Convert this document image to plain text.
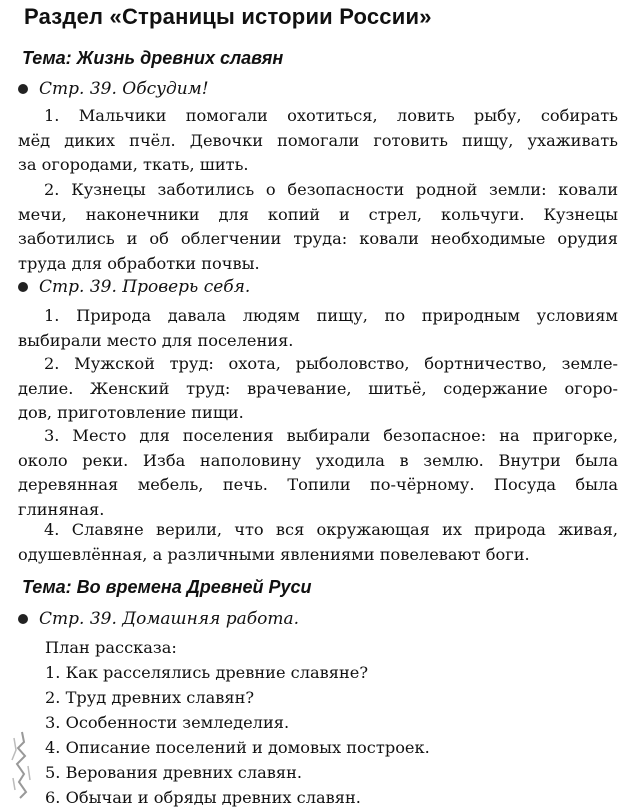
Раздел «Страницы истории России»
Тема: Жизнь древних славян
Стр. 39. Обсудим!
1. Мальчики помогали охотиться, ловить рыбу, собирать
мёд диких пчёл. Девочки помогали готовить пищу, ухаживать
за огородами, ткать, шить.
2. Кузнецы заботились о безопасности родной земли: ковали
мечи, наконечники для копий и стрел, кольчуги. Кузнецы
заботились и об облегчении труда: ковали необходимые орудия
труда для обработки почвы.
Стр. 39. Проверь себя.
1. Природа давала людям пищу, по природным условиям
выбирали место для поселения.
2. Мужской труд: охота, рыболовство, бортничество, земле-
делие. Женский труд: врачевание, шитьё, содержание огоро-
дов, приготовление пищи.
3. Место для поселения выбирали безопасное: на пригорке,
около реки. Изба наполовину уходила в землю. Внутри была
деревянная мебель, печь. Топили по-чёрному. Посуда была
глиняная.
4. Славяне верили, что вся окружающая их природа живая,
одушевлённая, а различными явлениями повелевают боги.
Тема: Во времена Древней Руси
Стр. 39. Домашняя работа.
План рассказа:
1. Как расселялись древние славяне?
2. Труд древних славян?
3. Особенности земледелия.
4. Описание поселений и домовых построек.
5. Верования древних славян.
6. Обычаи и обряды древних славян.
